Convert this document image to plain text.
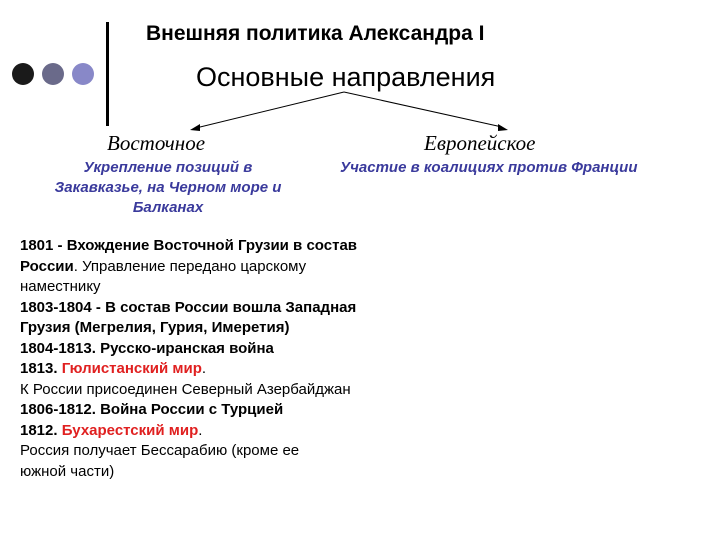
Внешняя политика Александра I
Основные направления
Восточное	Европейское
Укрепление позиций в
Закавказье, на Черном море и
Балканах
Участие в коалициях против Франции
1801 - Вхождение Восточной Грузии в состав
России. Управление передано царскому
наместнику
1803-1804 - В состав России вошла Западная
Грузия (Мегрелия, Гурия, Имеретия)
1804-1813. Русско-иранская война
1813. Гюлистанский мир.
К России присоединен Северный Азербайджан
1806-1812. Война России с Турцией
1812. Бухарестский мир.
Россия получает Бессарабию (кроме ее
южной части)
